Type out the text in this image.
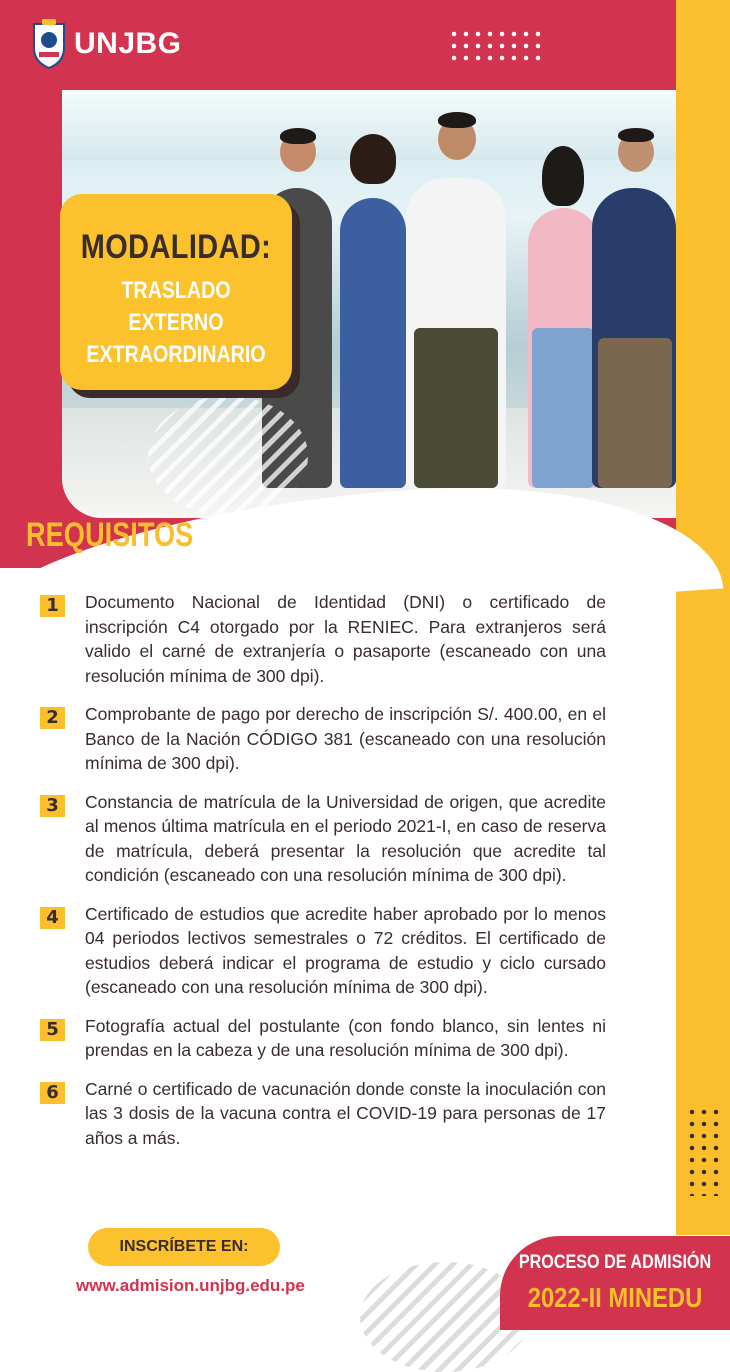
UNJBG
MODALIDAD:
TRASLADO EXTERNO
EXTRAORDINARIO
REQUISITOS
1	Documento Nacional de Identidad (DNI) o certificado de inscripción C4 otorgado por la RENIEC. Para extranjeros será valido el carné de extranjería o pasaporte (escaneado con una resolución mínima de 300 dpi).
2	Comprobante de pago por derecho de inscripción S/. 400.00, en el Banco de la Nación CÓDIGO 381 (escaneado con una resolución mínima de 300 dpi).
3	Constancia de matrícula de la Universidad de origen, que acredite al menos última matrícula en el periodo 2021-I, en caso de reserva de matrícula, deberá presentar la resolución que acredite tal condición (escaneado con una resolución mínima de 300 dpi).
4	Certificado de estudios que acredite haber aprobado por lo menos 04 periodos lectivos semestrales o 72 créditos. El certificado de estudios deberá indicar el programa de estudio y ciclo cursado (escaneado con una resolución mínima de 300 dpi).
5	Fotografía actual del postulante (con fondo blanco, sin lentes ni prendas en la cabeza y de una resolución mínima de 300 dpi).
6	Carné o certificado de vacunación donde conste la inoculación con las 3 dosis de la vacuna contra el COVID-19 para personas de 17 años a más.
INSCRÍBETE EN:
www.admision.unjbg.edu.pe
PROCESO DE ADMISIÓN
2022-II MINEDU
